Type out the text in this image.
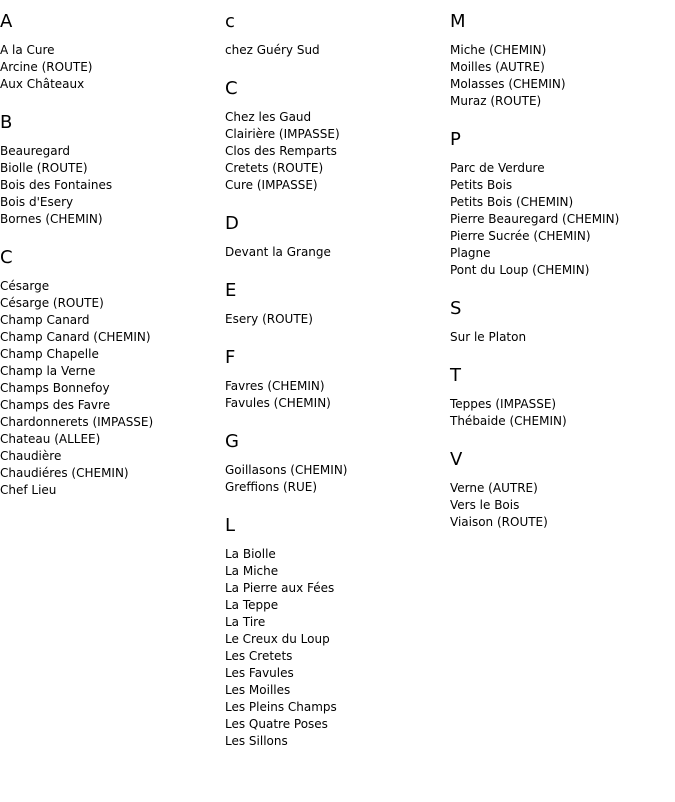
A
A la Cure
Arcine (ROUTE)
Aux Châteaux
B
Beauregard
Biolle (ROUTE)
Bois des Fontaines
Bois d'Esery
Bornes (CHEMIN)
C
Césarge
Césarge (ROUTE)
Champ Canard
Champ Canard (CHEMIN)
Champ Chapelle
Champ la Verne
Champs Bonnefoy
Champs des Favre
Chardonnerets (IMPASSE)
Chateau (ALLEE)
Chaudière
Chaudiéres (CHEMIN)
Chef Lieu
c
chez Guéry Sud
C
Chez les Gaud
Clairière (IMPASSE)
Clos des Remparts
Cretets (ROUTE)
Cure (IMPASSE)
D
Devant la Grange
E
Esery (ROUTE)
F
Favres (CHEMIN)
Favules (CHEMIN)
G
Goillasons (CHEMIN)
Greffions (RUE)
L
La Biolle
La Miche
La Pierre aux Fées
La Teppe
La Tire
Le Creux du Loup
Les Cretets
Les Favules
Les Moilles
Les Pleins Champs
Les Quatre Poses
Les Sillons
M
Miche (CHEMIN)
Moilles (AUTRE)
Molasses (CHEMIN)
Muraz (ROUTE)
P
Parc de Verdure
Petits Bois
Petits Bois (CHEMIN)
Pierre Beauregard (CHEMIN)
Pierre Sucrée (CHEMIN)
Plagne
Pont du Loup (CHEMIN)
S
Sur le Platon
T
Teppes (IMPASSE)
Thébaide (CHEMIN)
V
Verne (AUTRE)
Vers le Bois
Viaison (ROUTE)
